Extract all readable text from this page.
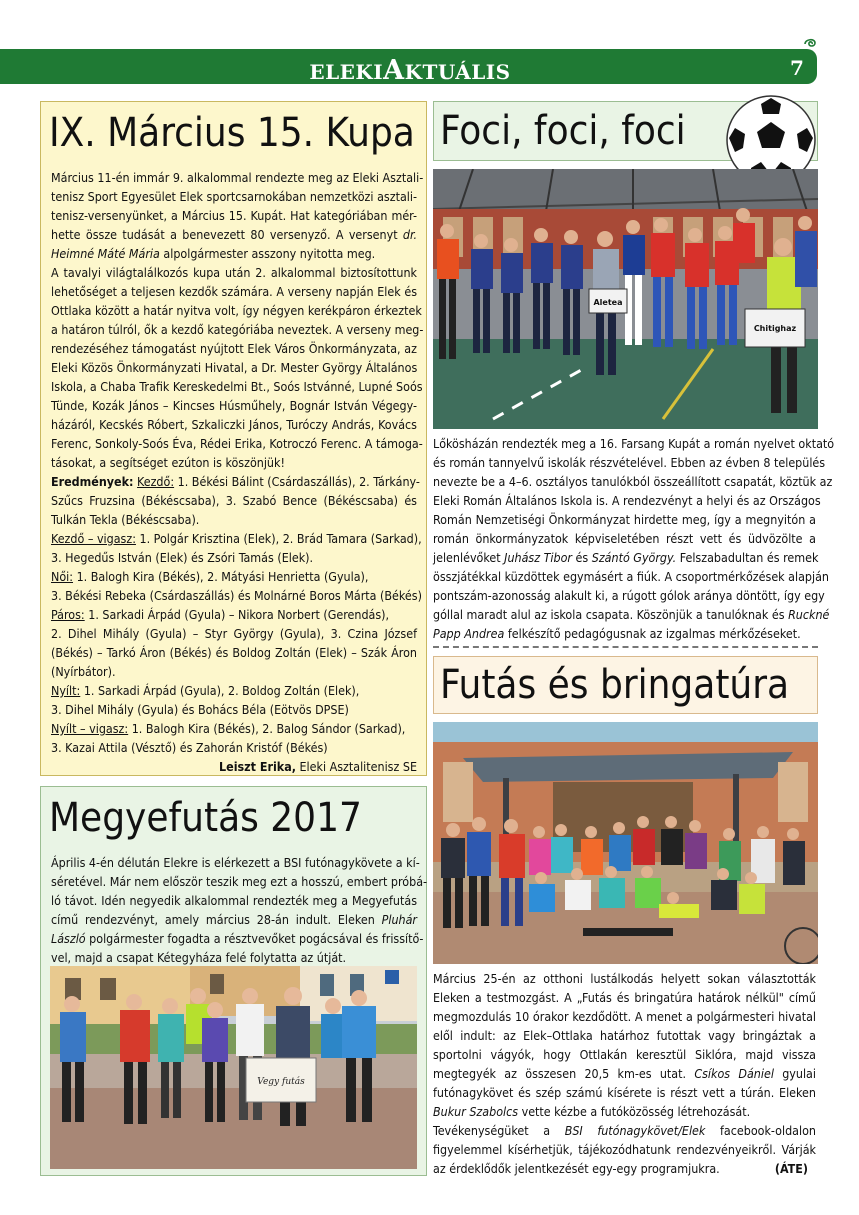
ELEKIAKTUÁLIS	7
IX. Március 15. Kupa
Március 11-én immár 9. alkalommal rendezte meg az Eleki Asztali-
tenisz Sport Egyesület Elek sportcsarnokában nemzetközi asztali-
tenisz-versenyünket, a Március 15. Kupát. Hat kategóriában mér-
hette össze tudását a benevezett 80 versenyző. A versenyt dr.
Heimné Máté Mária alpolgármester asszony nyitotta meg.
A tavalyi világtalálkozós kupa után 2. alkalommal biztosítottunk
lehetőséget a teljesen kezdők számára. A verseny napján Elek és
Ottlaka között a határ nyitva volt, így négyen kerékpáron érkeztek
a határon túlról, ők a kezdő kategóriába neveztek. A verseny meg-
rendezéséhez támogatást nyújtott Elek Város Önkormányzata, az
Eleki Közös Önkormányzati Hivatal, a Dr. Mester György Általános
Iskola, a Chaba Trafik Kereskedelmi Bt., Soós Istvánné, Lupné Soós
Tünde, Kozák János – Kincses Húsműhely, Bognár István Végegy-
házáról, Kecskés Róbert, Szkaliczki János, Turóczy András, Kovács
Ferenc, Sonkoly-Soós Éva, Rédei Erika, Kotroczó Ferenc. A támoga-
tásokat, a segítséget ezúton is köszönjük!
Eredmények: Kezdő: 1. Békési Bálint (Csárdaszállás), 2. Tárkány-
Szűcs Fruzsina (Békéscsaba), 3. Szabó Bence (Békéscsaba) és
Tulkán Tekla (Békéscsaba).
Kezdő – vigasz: 1. Polgár Krisztina (Elek), 2. Brád Tamara (Sarkad),
3. Hegedűs István (Elek) és Zsóri Tamás (Elek).
Női: 1. Balogh Kira (Békés), 2. Mátyási Henrietta (Gyula),
3. Békési Rebeka (Csárdaszállás) és Molnárné Boros Márta (Békés)
Páros: 1. Sarkadi Árpád (Gyula) – Nikora Norbert (Gerendás),
2. Dihel Mihály (Gyula) – Styr György (Gyula), 3. Czina József
(Békés) – Tarkó Áron (Békés) és Boldog Zoltán (Elek) – Szák Áron
(Nyírbátor).
Nyílt: 1. Sarkadi Árpád (Gyula), 2. Boldog Zoltán (Elek),
3. Dihel Mihály (Gyula) és Bohács Béla (Eötvös DPSE)
Nyílt – vigasz: 1. Balogh Kira (Békés), 2. Balog Sándor (Sarkad),
3. Kazai Attila (Vésztő) és Zahorán Kristóf (Békés)
Leiszt Erika, Eleki Asztalitenisz SE
Megyefutás 2017
Április 4-én délután Elekre is elérkezett a BSI futónagykövete a kí-
séretével. Már nem először teszik meg ezt a hosszú, embert próbá-
ló távot. Idén negyedik alkalommal rendezték meg a Megyefutás
című rendezvényt, amely március 28-án indult. Eleken Pluhár
László polgármester fogadta a résztvevőket pogácsával és frissítő-
vel, majd a csapat Kétegyháza felé folytatta az útját.
Vegy futás
Foci, foci, foci
Aletea
Chitighaz
Lőkösházán rendezték meg a 16. Farsang Kupát a román nyelvet oktató
és román tannyelvű iskolák részvételével. Ebben az évben 8 település
nevezte be a 4–6. osztályos tanulókból összeállított csapatát, köztük az
Eleki Román Általános Iskola is. A rendezvényt a helyi és az Országos
Román Nemzetiségi Önkormányzat hirdette meg, így a megnyitón a
román önkormányzatok képviseletében részt vett és üdvözölte a
jelenlévőket Juhász Tibor és Szántó György. Felszabadultan és remek
összjátékkal küzdöttek egymásért a fiúk. A csoportmérkőzések alapján
pontszám-azonosság alakult ki, a rúgott gólok aránya döntött, így egy
góllal maradt alul az iskola csapata. Köszönjük a tanulóknak és Ruckné
Papp Andrea felkészítő pedagógusnak az izgalmas mérkőzéseket.
Futás és bringatúra
Március 25-én az otthoni lustálkodás helyett sokan választották
Eleken a testmozgást. A „Futás és bringatúra határok nélkül" című
megmozdulás 10 órakor kezdődött. A menet a polgármesteri hivatal
elől indult: az Elek–Ottlaka határhoz futottak vagy bringáztak a
sportolni vágyók, hogy Ottlakán keresztül Siklóra, majd vissza
megtegyék az összesen 20,5 km-es utat. Csíkos Dániel gyulai
futónagykövet és szép számú kísérete is részt vett a túrán. Eleken
Bukur Szabolcs vette kézbe a futóközösség létrehozását.
Tevékenységüket a BSI futónagykövet/Elek facebook-oldalon
figyelemmel kísérhetjük, tájékozódhatunk rendezvényeikről. Várják
az érdeklődők jelentkezését egy-egy programjukra.	(ÁTE)
